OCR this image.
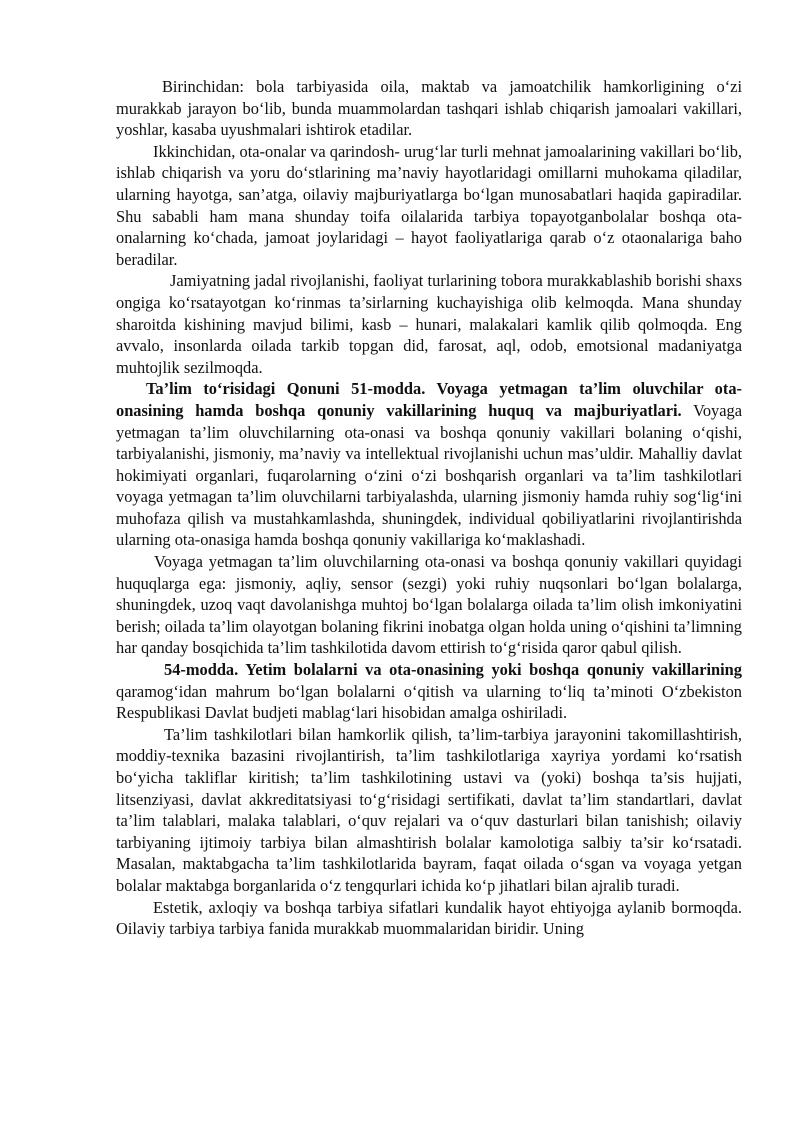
Birinchidan: bola tarbiyasida oila, maktab va jamoatchilik hamkorligining o‘zi murakkab jarayon bo‘lib, bunda muammolardan tashqari ishlab chiqarish jamoalari vakillari, yoshlar, kasaba uyushmalari ishtirok etadilar.

Ikkinchidan, ota-onalar va qarindosh- urug‘lar turli mehnat jamoalarining vakillari bo‘lib, ishlab chiqarish va yoru do‘stlarining ma’naviy hayotlaridagi omillarni muhokama qiladilar, ularning hayotga, san’atga, oilaviy majburiyatlarga bo‘lgan munosabatlari haqida gapiradilar. Shu sababli ham mana shunday toifa oilalarida tarbiya topayotganbolalar boshqa ota-onalarning ko‘chada, jamoat joylaridagi – hayot faoliyatlariga qarab o‘z otaonalariga baho beradilar.

Jamiyatning jadal rivojlanishi, faoliyat turlarining tobora murakkablashib borishi shaxs ongiga ko‘rsatayotgan ko‘rinmas ta’sirlarning kuchayishiga olib kelmoqda. Mana shunday sharoitda kishining mavjud bilimi, kasb – hunari, malakalari kamlik qilib qolmoqda. Eng avvalo, insonlarda oilada tarkib topgan did, farosat, aql, odob, emotsional madaniyatga muhtojlik sezilmoqda.

Ta’lim to‘risidagi Qonuni 51-modda. Voyaga yetmagan ta’lim oluvchilar ota-onasining hamda boshqa qonuniy vakillarining huquq va majburiyatlari. Voyaga yetmagan ta’lim oluvchilarning ota-onasi va boshqa qonuniy vakillari bolaning o‘qishi, tarbiyalanishi, jismoniy, ma’naviy va intellektual rivojlanishi uchun mas’uldir. Mahalliy davlat hokimiyati organlari, fuqarolarning o‘zini o‘zi boshqarish organlari va ta’lim tashkilotlari voyaga yetmagan ta’lim oluvchilarni tarbiyalashda, ularning jismoniy hamda ruhiy sog‘lig‘ini muhofaza qilish va mustahkamlashda, shuningdek, individual qobiliyatlarini rivojlantirishda ularning ota-onasiga hamda boshqa qonuniy vakillariga ko‘maklashadi.

Voyaga yetmagan ta’lim oluvchilarning ota-onasi va boshqa qonuniy vakillari quyidagi huquqlarga ega: jismoniy, aqliy, sensor (sezgi) yoki ruhiy nuqsonlari bo‘lgan bolalarga, shuningdek, uzoq vaqt davolanishga muhtoj bo‘lgan bolalarga oilada ta’lim olish imkoniyatini berish; oilada ta’lim olayotgan bolaning fikrini inobatga olgan holda uning o‘qishini ta’limning har qanday bosqichida ta’lim tashkilotida davom ettirish to‘g‘risida qaror qabul qilish.

54-modda. Yetim bolalarni va ota-onasining yoki boshqa qonuniy vakillarining qaramog‘idan mahrum bo‘lgan bolalarni o‘qitish va ularning to‘liq ta’minoti O‘zbekiston Respublikasi Davlat budjeti mablag‘lari hisobidan amalga oshiriladi.

Ta’lim tashkilotlari bilan hamkorlik qilish, ta’lim-tarbiya jarayonini takomillashtirish, moddiy-texnika bazasini rivojlantirish, ta’lim tashkilotlariga xayriya yordami ko‘rsatish bo‘yicha takliflar kiritish; ta’lim tashkilotining ustavi va (yoki) boshqa ta’sis hujjati, litsenziyasi, davlat akkreditatsiyasi to‘g‘risidagi sertifikati, davlat ta’lim standartlari, davlat ta’lim talablari, malaka talablari, o‘quv rejalari va o‘quv dasturlari bilan tanishish; oilaviy tarbiyaning ijtimoiy tarbiya bilan almashtirish bolalar kamolotiga salbiy ta’sir ko‘rsatadi. Masalan, maktabgacha ta’lim tashkilotlarida bayram, faqat oilada o‘sgan va voyaga yetgan bolalar maktabga borganlarida o‘z tengqurlari ichida ko‘p jihatlari bilan ajralib turadi.

Estetik, axloqiy va boshqa tarbiya sifatlari kundalik hayot ehtiyojga aylanib bormoqda. Oilaviy tarbiya tarbiya fanida murakkab muommalaridan biridir. Uning
